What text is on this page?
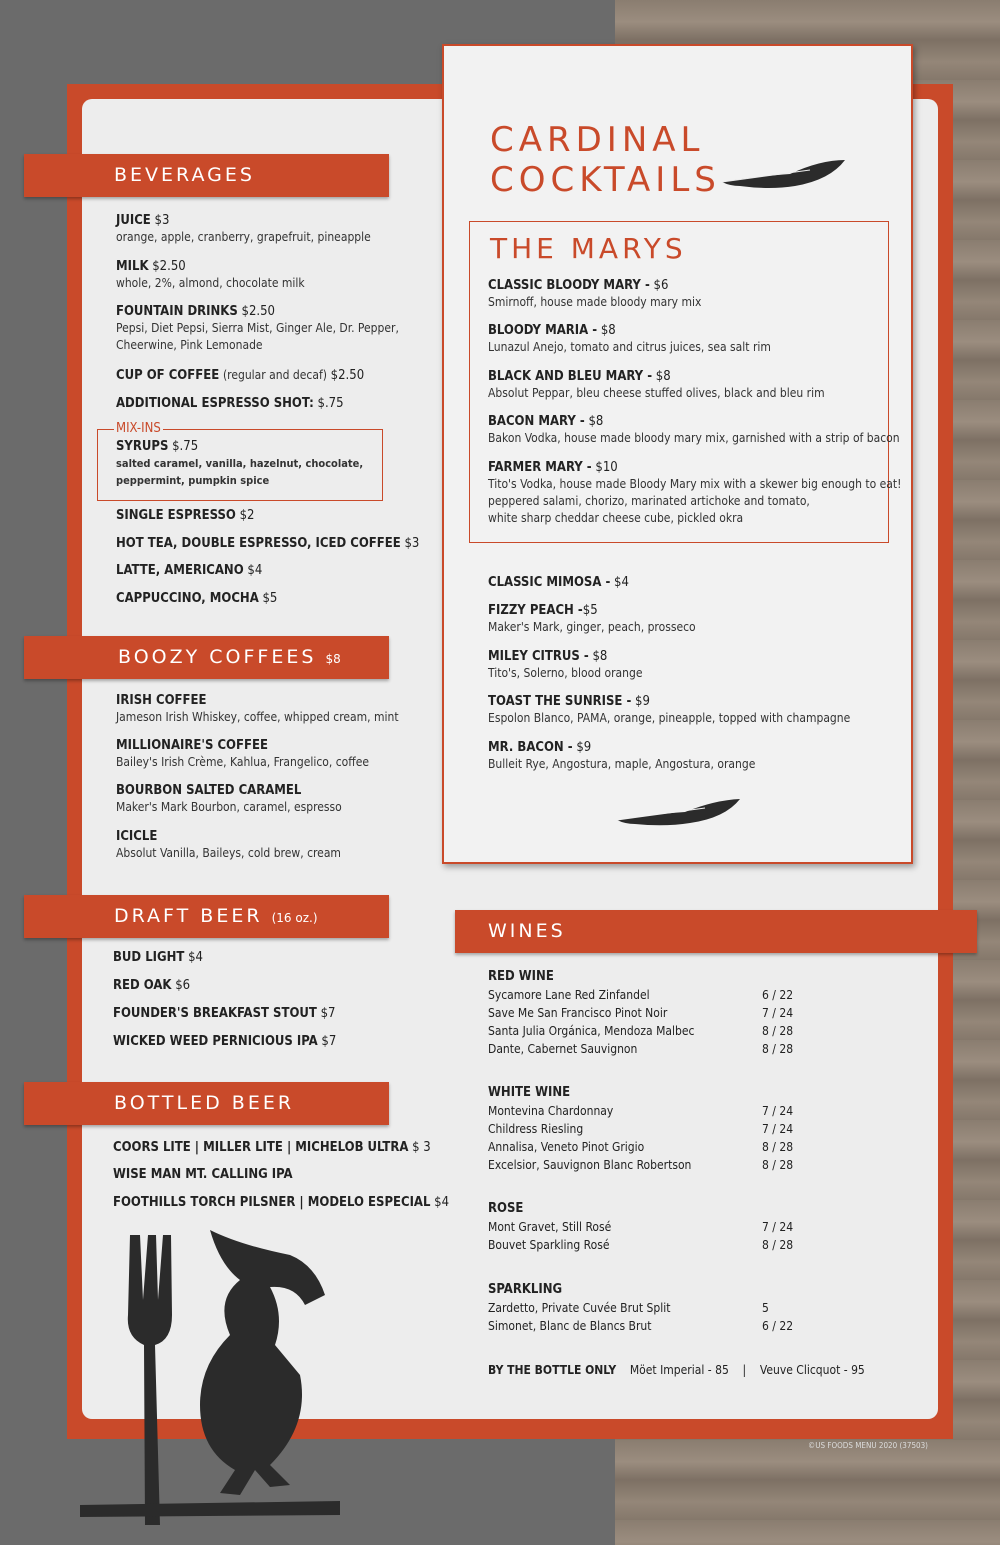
BEVERAGES
JUICE $3
orange, apple, cranberry, grapefruit, pineapple
MILK $2.50
whole, 2%, almond, chocolate milk
FOUNTAIN DRINKS $2.50
Pepsi, Diet Pepsi, Sierra Mist, Ginger Ale, Dr. Pepper,
Cheerwine, Pink Lemonade
CUP OF COFFEE (regular and decaf) $2.50
ADDITIONAL ESPRESSO SHOT: $.75
MIX-INS
SYRUPS $.75
salted caramel, vanilla, hazelnut, chocolate,
peppermint, pumpkin spice
SINGLE ESPRESSO $2
HOT TEA, DOUBLE ESPRESSO, ICED COFFEE $3
LATTE, AMERICANO $4
CAPPUCCINO, MOCHA $5
BOOZY COFFEES $8
IRISH COFFEE
Jameson Irish Whiskey, coffee, whipped cream, mint
MILLIONAIRE'S COFFEE
Bailey's Irish Crème, Kahlua, Frangelico, coffee
BOURBON SALTED CARAMEL
Maker's Mark Bourbon, caramel, espresso
ICICLE
Absolut Vanilla, Baileys, cold brew, cream
DRAFT BEER (16 oz.)
BUD LIGHT $4
RED OAK $6
FOUNDER'S BREAKFAST STOUT $7
WICKED WEED PERNICIOUS IPA $7
BOTTLED BEER
COORS LITE | MILLER LITE | MICHELOB ULTRA $ 3
WISE MAN MT. CALLING IPA
FOOTHILLS TORCH PILSNER | MODELO ESPECIAL $4
CARDINAL
COCKTAILS
THE MARYS
CLASSIC BLOODY MARY - $6
Smirnoff, house made bloody mary mix
BLOODY MARIA - $8
Lunazul Anejo, tomato and citrus juices, sea salt rim
BLACK AND BLEU MARY - $8
Absolut Peppar, bleu cheese stuffed olives, black and bleu rim
BACON MARY - $8
Bakon Vodka, house made bloody mary mix, garnished with a strip of bacon
FARMER MARY - $10
Tito's Vodka, house made Bloody Mary mix with a skewer big enough to eat!
peppered salami, chorizo, marinated artichoke and tomato,
white sharp cheddar cheese cube, pickled okra
CLASSIC MIMOSA - $4
FIZZY PEACH -$5
Maker's Mark, ginger, peach, prosseco
MILEY CITRUS - $8
Tito's, Solerno, blood orange
TOAST THE SUNRISE - $9
Espolon Blanco, PAMA, orange, pineapple, topped with champagne
MR. BACON - $9
Bulleit Rye, Angostura, maple, Angostura, orange
WINES
RED WINE
Sycamore Lane Red Zinfandel	6 / 22
Save Me San Francisco Pinot Noir	7 / 24
Santa Julia Orgánica, Mendoza Malbec	8 / 28
Dante, Cabernet Sauvignon	8 / 28
WHITE WINE
Montevina Chardonnay	7 / 24
Childress Riesling	7 / 24
Annalisa, Veneto Pinot Grigio	8 / 28
Excelsior, Sauvignon Blanc Robertson	8 / 28
ROSE
Mont Gravet, Still Rosé	7 / 24
Bouvet Sparkling Rosé	8 / 28
SPARKLING
Zardetto, Private Cuvée Brut Split	5
Simonet, Blanc de Blancs Brut	6 / 22
BY THE BOTTLE ONLY Möet Imperial - 85 | Veuve Clicquot - 95
©US FOODS MENU 2020 (37503)
